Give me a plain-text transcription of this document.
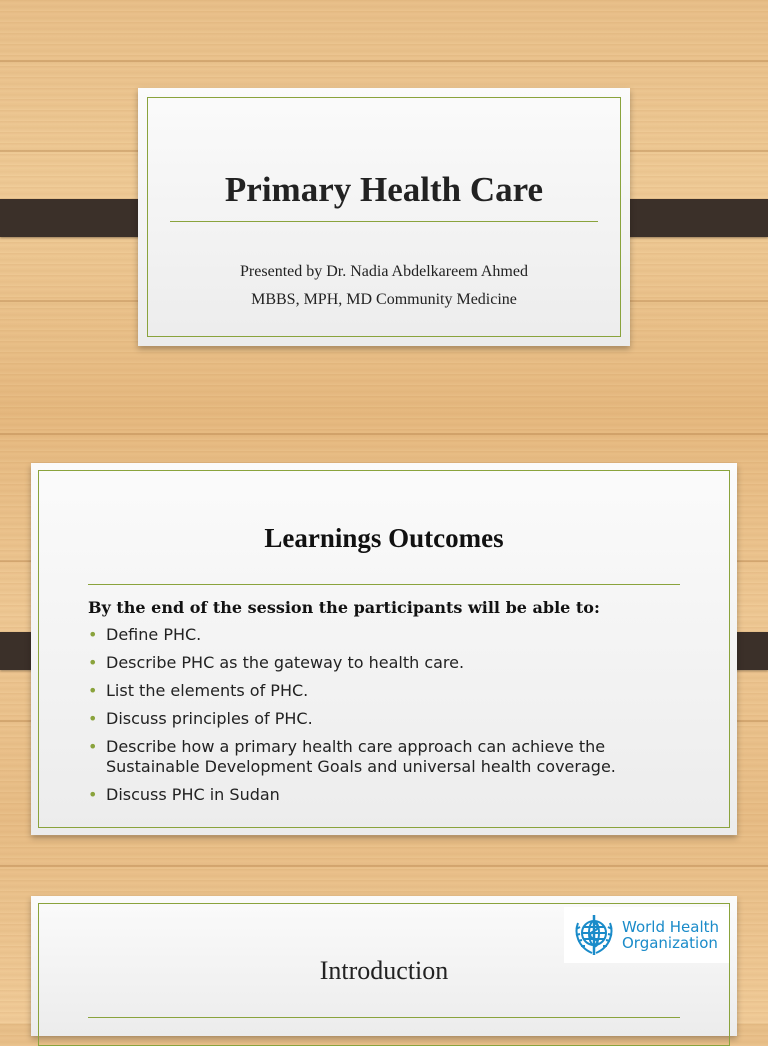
Primary Health Care
Presented by Dr. Nadia Abdelkareem Ahmed
MBBS, MPH, MD Community Medicine
Learnings Outcomes
By the end of the session the participants will be able to:
• Define PHC.
• Describe PHC as the gateway to health care.
• List the elements of PHC.
• Discuss principles of PHC.
• Describe how a primary health care approach can achieve the Sustainable Development Goals and universal health coverage.
• Discuss PHC in Sudan
World Health
Organization
Introduction
